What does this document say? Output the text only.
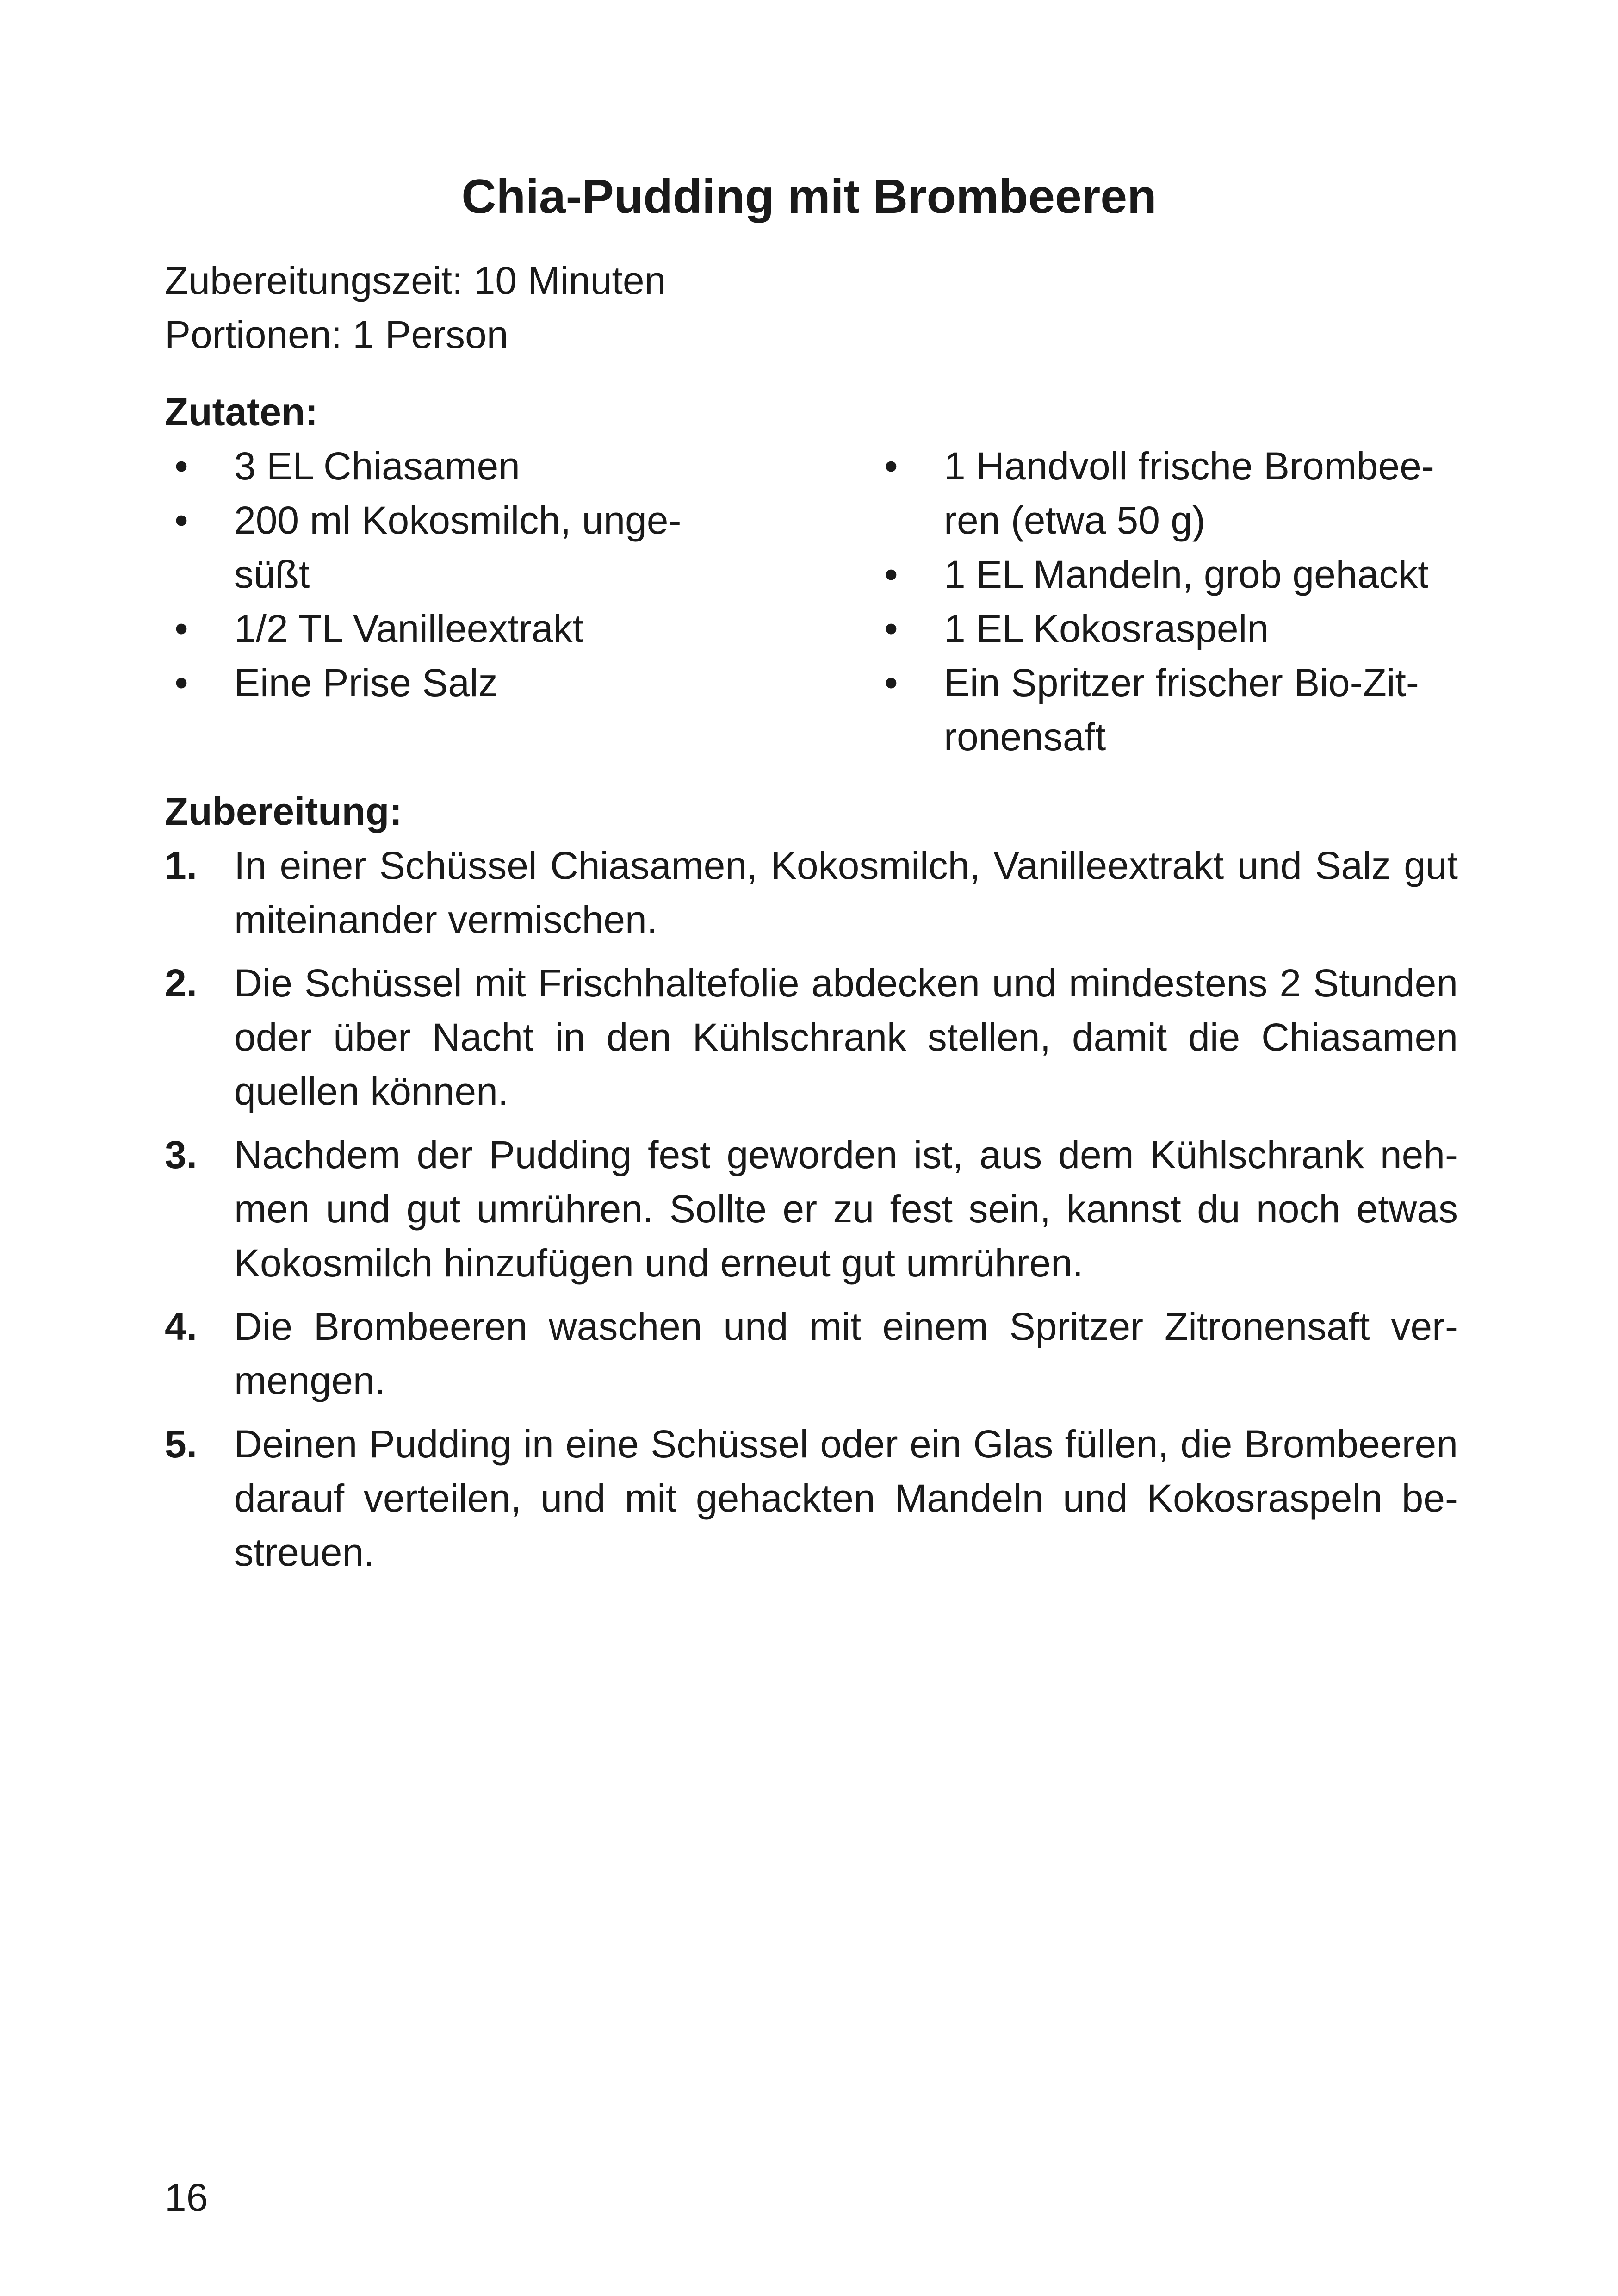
Chia-Pudding mit Brombeeren
Zubereitungszeit: 10 Minuten
Portionen: 1 Person
Zutaten:
• 3 EL Chiasamen
• 200 ml Kokosmilch, unge-süßt
• 1/2 TL Vanilleextrakt
• Eine Prise Salz
• 1 Handvoll frische Brombee-ren (etwa 50 g)
• 1 EL Mandeln, grob gehackt
• 1 EL Kokosraspeln
• Ein Spritzer frischer Bio-Zit-ronensaft
Zubereitung:
1. In einer Schüssel Chiasamen, Kokosmilch, Vanilleextrakt und Salz gut miteinander vermischen.
2. Die Schüssel mit Frischhaltefolie abdecken und mindestens 2 Stunden oder über Nacht in den Kühlschrank stellen, damit die Chiasamen quellen können.
3. Nachdem der Pudding fest geworden ist, aus dem Kühlschrank neh-men und gut umrühren. Sollte er zu fest sein, kannst du noch etwas Kokosmilch hinzufügen und erneut gut umrühren.
4. Die Brombeeren waschen und mit einem Spritzer Zitronensaft ver-mengen.
5. Deinen Pudding in eine Schüssel oder ein Glas füllen, die Brombeeren darauf verteilen, und mit gehackten Mandeln und Kokosraspeln be-streuen.
16
